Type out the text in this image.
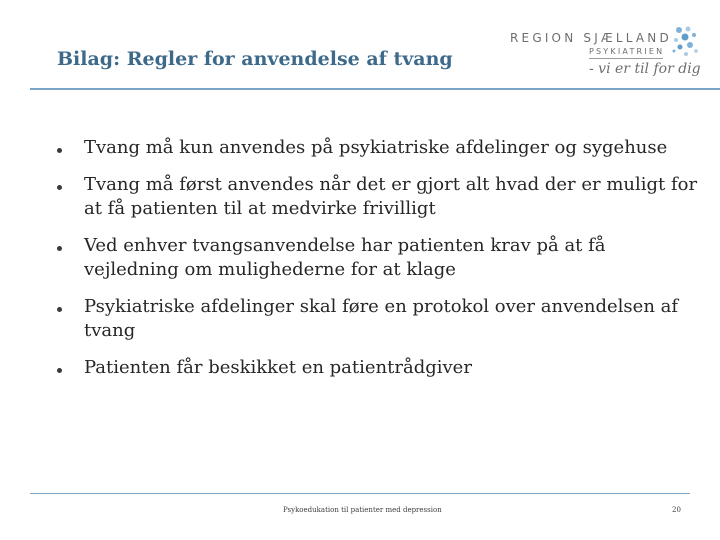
Bilag: Regler for anvendelse af tvang
REGION SJÆLLAND
PSYKIATRIEN
- vi er til for dig
Tvang må kun anvendes på psykiatriske afdelinger og sygehuse
Tvang må først anvendes når det er gjort alt hvad der er muligt for at få patienten til at medvirke frivilligt
Ved enhver tvangsanvendelse har patienten krav på at få vejledning om mulighederne for at klage
Psykiatriske afdelinger skal føre en protokol over anvendelsen af tvang
Patienten får beskikket en patientrådgiver
Psykoedukation til patienter med depression	20
